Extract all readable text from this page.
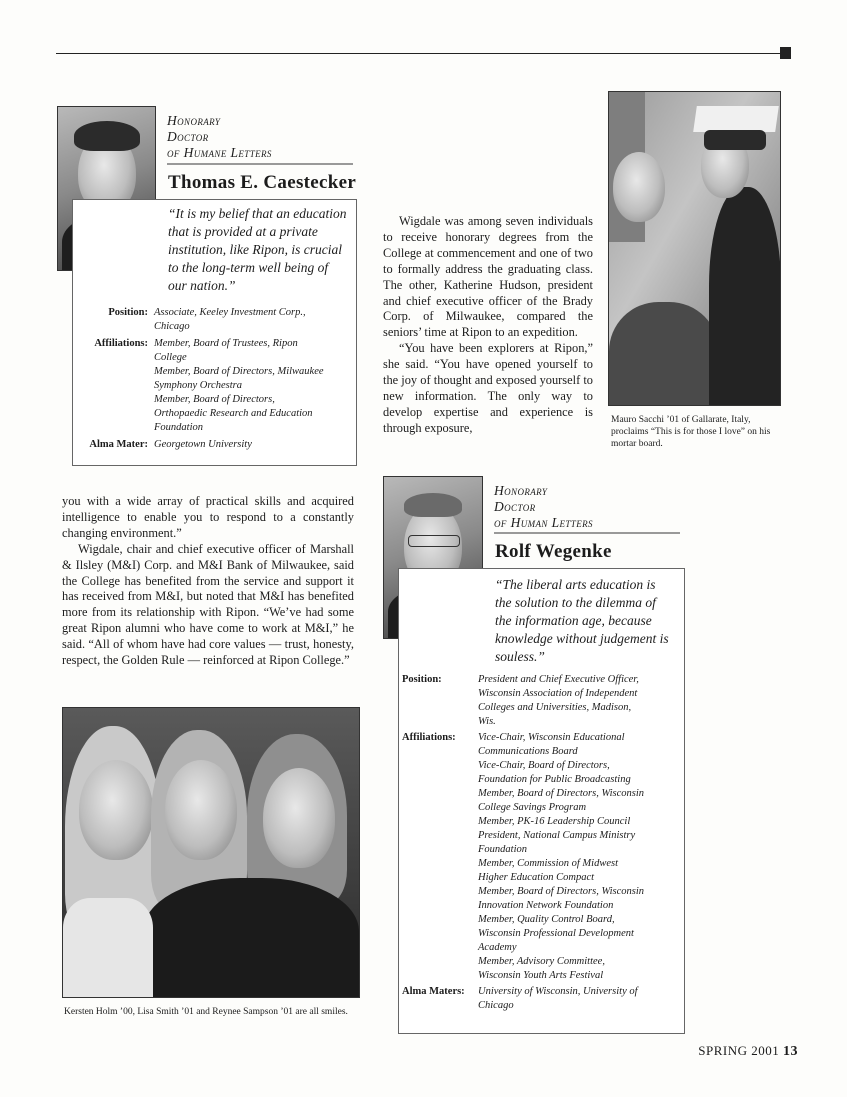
Honorary
Doctor
of Humane Letters
Thomas E. Caestecker
“It is my belief that an education that is provided at a private institution, like Ripon, is crucial to the long-term well being of our nation.”
Position: Associate, Keeley Investment Corp.,
Chicago
Affiliations: Member, Board of Trustees, Ripon
College
Member, Board of Directors, Milwaukee
Symphony Orchestra
Member, Board of Directors,
Orthopaedic Research and Education
Foundation
Alma Mater: Georgetown University

Wigdale was among seven individuals to receive honorary degrees from the College at commencement and one of two to formally address the graduating class. The other, Katherine Hudson, president and chief executive officer of the Brady Corp. of Milwaukee, compared the seniors’ time at Ripon to an expedition.

“You have been explorers at Ripon,” she said. “You have opened yourself to the joy of thought and exposed yourself to new information. The only way to develop expertise and experience is through exposure,

you with a wide array of practical skills and acquired intelligence to enable you to respond to a constantly changing environment.”

Wigdale, chair and chief executive officer of Marshall & Ilsley (M&I) Corp. and M&I Bank of Milwaukee, said the College has benefited from the service and support it has received from M&I, but noted that M&I has benefited more from its relationship with Ripon. “We’ve had some great Ripon alumni who have come to work at M&I,” he said. “All of whom have had core values — trust, honesty, respect, the Golden Rule — reinforced at Ripon College.”

Mauro Sacchi ’01 of Gallarate, Italy, proclaims “This is for those I love” on his mortar board.
Honorary
Doctor
of Human Letters
Rolf Wegenke
“The liberal arts education is the solution to the dilemma of the information age, because knowledge without judgement is souless.”
Position:	President and Chief Executive Officer,
Wisconsin Association of Independent
Colleges and Universities, Madison,
Wis.
Affiliations:	Vice-Chair, Wisconsin Educational
Communications Board
Vice-Chair, Board of Directors,
Foundation for Public Broadcasting
Member, Board of Directors, Wisconsin
College Savings Program
Member, PK-16 Leadership Council
President, National Campus Ministry
Foundation
Member, Commission of Midwest
Higher Education Compact
Member, Board of Directors, Wisconsin
Innovation Network Foundation
Member, Quality Control Board,
Wisconsin Professional Development
Academy
Member, Advisory Committee,
Wisconsin Youth Arts Festival
Alma Maters:	University of Wisconsin, University of
Chicago
Kersten Holm ’00, Lisa Smith ’01 and Reynee Sampson ’01 are all smiles.
SPRING 2001 13
